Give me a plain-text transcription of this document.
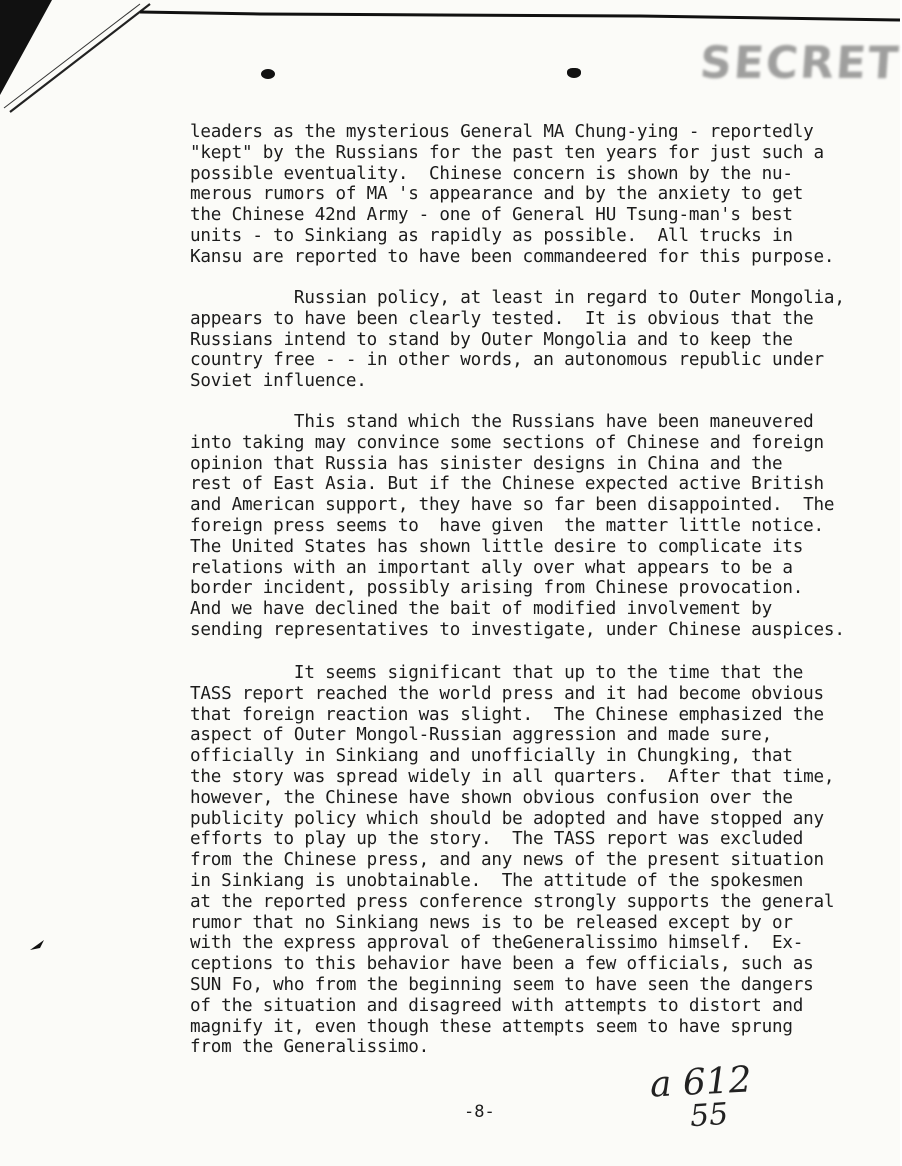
SECRET
leaders as the mysterious General MA Chung-ying - reportedly
"kept" by the Russians for the past ten years for just such a
possible eventuality.  Chinese concern is shown by the nu-
merous rumors of MA 's appearance and by the anxiety to get
the Chinese 42nd Army - one of General HU Tsung-man's best
units - to Sinkiang as rapidly as possible.  All trucks in
Kansu are reported to have been commandeered for this purpose.
Russian policy, at least in regard to Outer Mongolia,
appears to have been clearly tested.  It is obvious that the
Russians intend to stand by Outer Mongolia and to keep the
country free - - in other words, an autonomous republic under
Soviet influence.
This stand which the Russians have been maneuvered
into taking may convince some sections of Chinese and foreign
opinion that Russia has sinister designs in China and the
rest of East Asia. But if the Chinese expected active British
and American support, they have so far been disappointed.  The
foreign press seems to  have given  the matter little notice.
The United States has shown little desire to complicate its
relations with an important ally over what appears to be a
border incident, possibly arising from Chinese provocation.
And we have declined the bait of modified involvement by
sending representatives to investigate, under Chinese auspices.
It seems significant that up to the time that the
TASS report reached the world press and it had become obvious
that foreign reaction was slight.  The Chinese emphasized the
aspect of Outer Mongol-Russian aggression and made sure,
officially in Sinkiang and unofficially in Chungking, that
the story was spread widely in all quarters.  After that time,
however, the Chinese have shown obvious confusion over the
publicity policy which should be adopted and have stopped any
efforts to play up the story.  The TASS report was excluded
from the Chinese press, and any news of the present situation
in Sinkiang is unobtainable.  The attitude of the spokesmen
at the reported press conference strongly supports the general
rumor that no Sinkiang news is to be released except by or
with the express approval of theGeneralissimo himself.  Ex-
ceptions to this behavior have been a few officials, such as
SUN Fo, who from the beginning seem to have seen the dangers
of the situation and disagreed with attempts to distort and
magnify it, even though these attempts seem to have sprung
from the Generalissimo.
-8-
a 612
55
